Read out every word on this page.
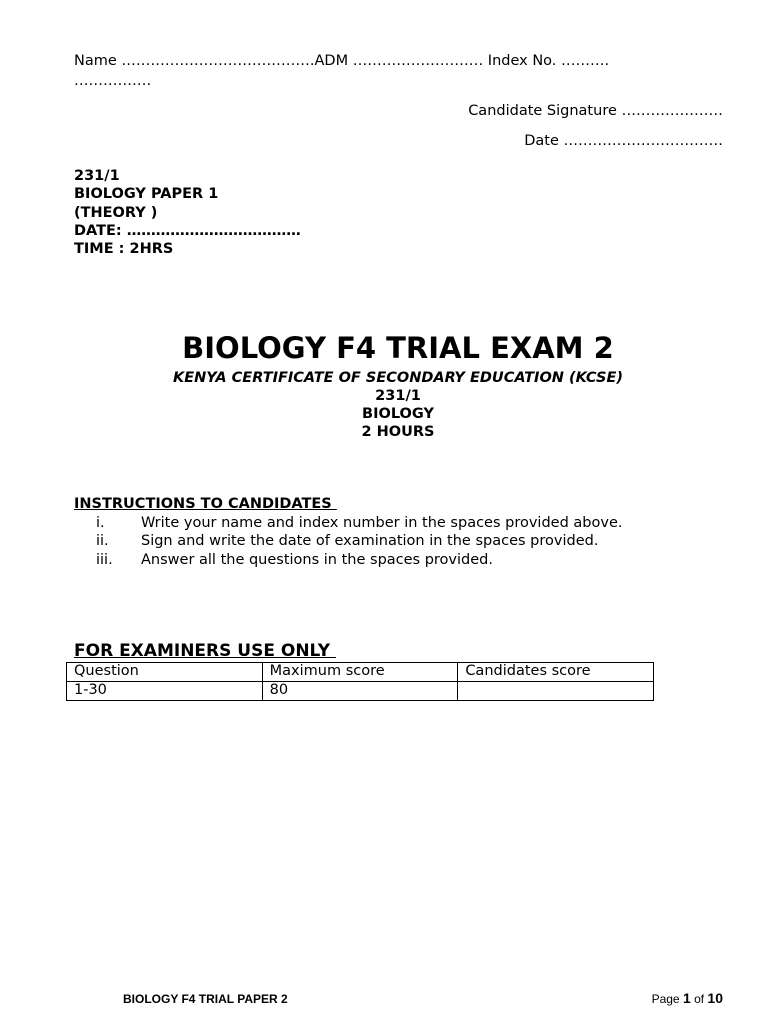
Name ………………………………….ADM ……………………… Index No. ……….
…………….
Candidate Signature …………………
Date ……………………………
231/1
BIOLOGY PAPER 1
(THEORY )
DATE: ………………………………
TIME : 2HRS
BIOLOGY F4 TRIAL EXAM 2
KENYA CERTIFICATE OF SECONDARY EDUCATION (KCSE)
231/1
BIOLOGY
2 HOURS
INSTRUCTIONS TO CANDIDATES
i.	Write your name and index number in the spaces provided above.
ii. Sign and write the date of examination in the spaces provided.
iii. Answer all the questions in the spaces provided.
FOR EXAMINERS USE ONLY
Question	Maximum score	Candidates score
1-30	80	
BIOLOGY F4 TRIAL PAPER 2	Page 1 of 10
